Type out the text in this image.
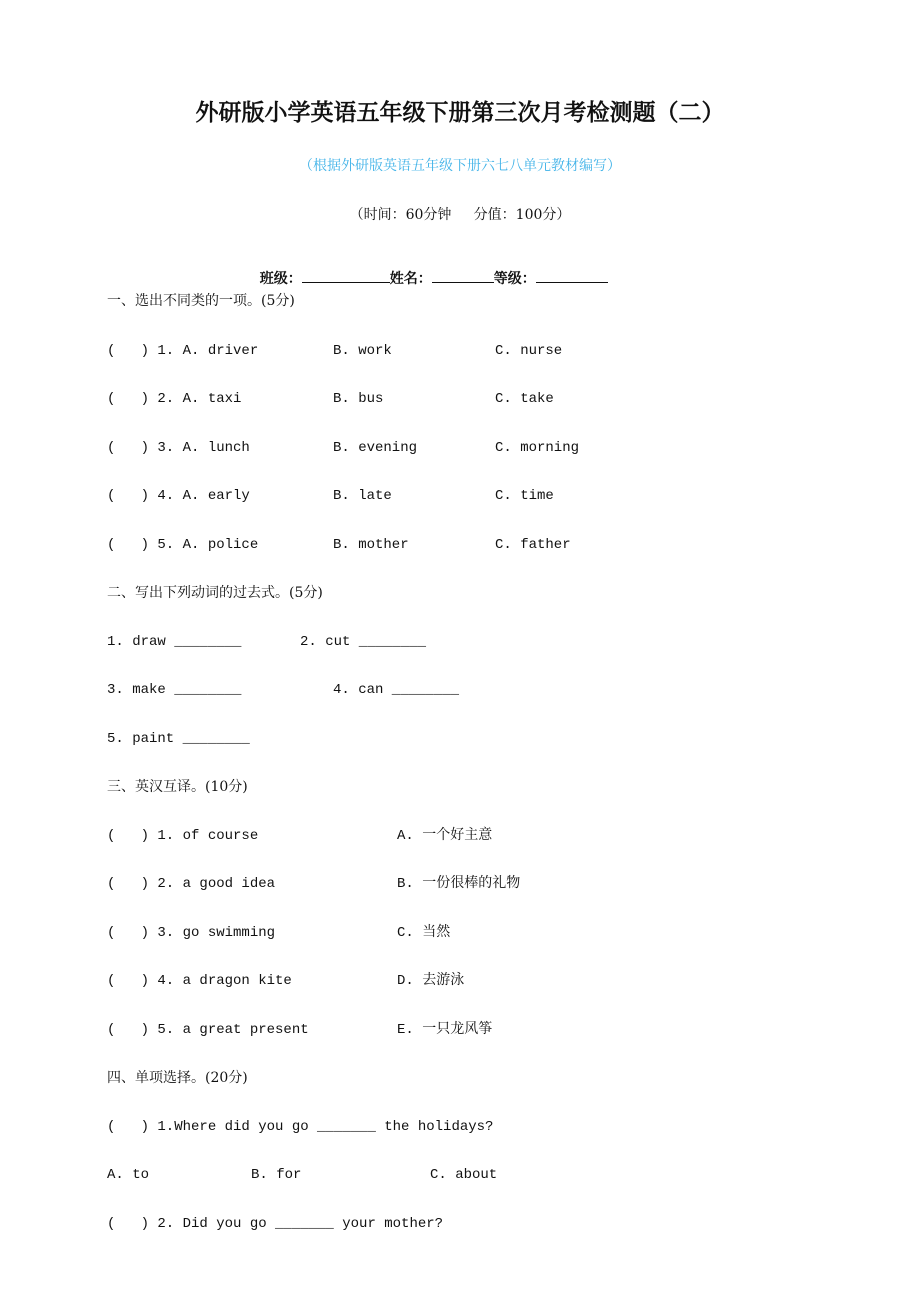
外研版小学英语五年级下册第三次月考检测题（二）
（根据外研版英语五年级下册六七八单元教材编写）
（时间：60分钟     分值：100分）

班级：	姓名：	等级：

一、选出不同类的一项。(5分)
(   ) 1. A. driver	B. work	C. nurse
(   ) 2. A. taxi	B. bus	C. take
(   ) 3. A. lunch	B. evening	C. morning
(   ) 4. A. early	B. late	C. time
(   ) 5. A. police	B. mother	C. father
二、写出下列动词的过去式。(5分)
1. draw ________	2. cut ________
3. make ________	4. can ________
5. paint ________
三、英汉互译。(10分)
(   ) 1. of course	A. 一个好主意
(   ) 2. a good idea	B. 一份很棒的礼物
(   ) 3. go swimming	C. 当然
(   ) 4. a dragon kite	D. 去游泳
(   ) 5. a great present	E. 一只龙风筝
四、单项选择。(20分)
(   ) 1.Where did you go _______ the holidays?
A. to	B. for	C. about
(   ) 2. Did you go _______ your mother?
